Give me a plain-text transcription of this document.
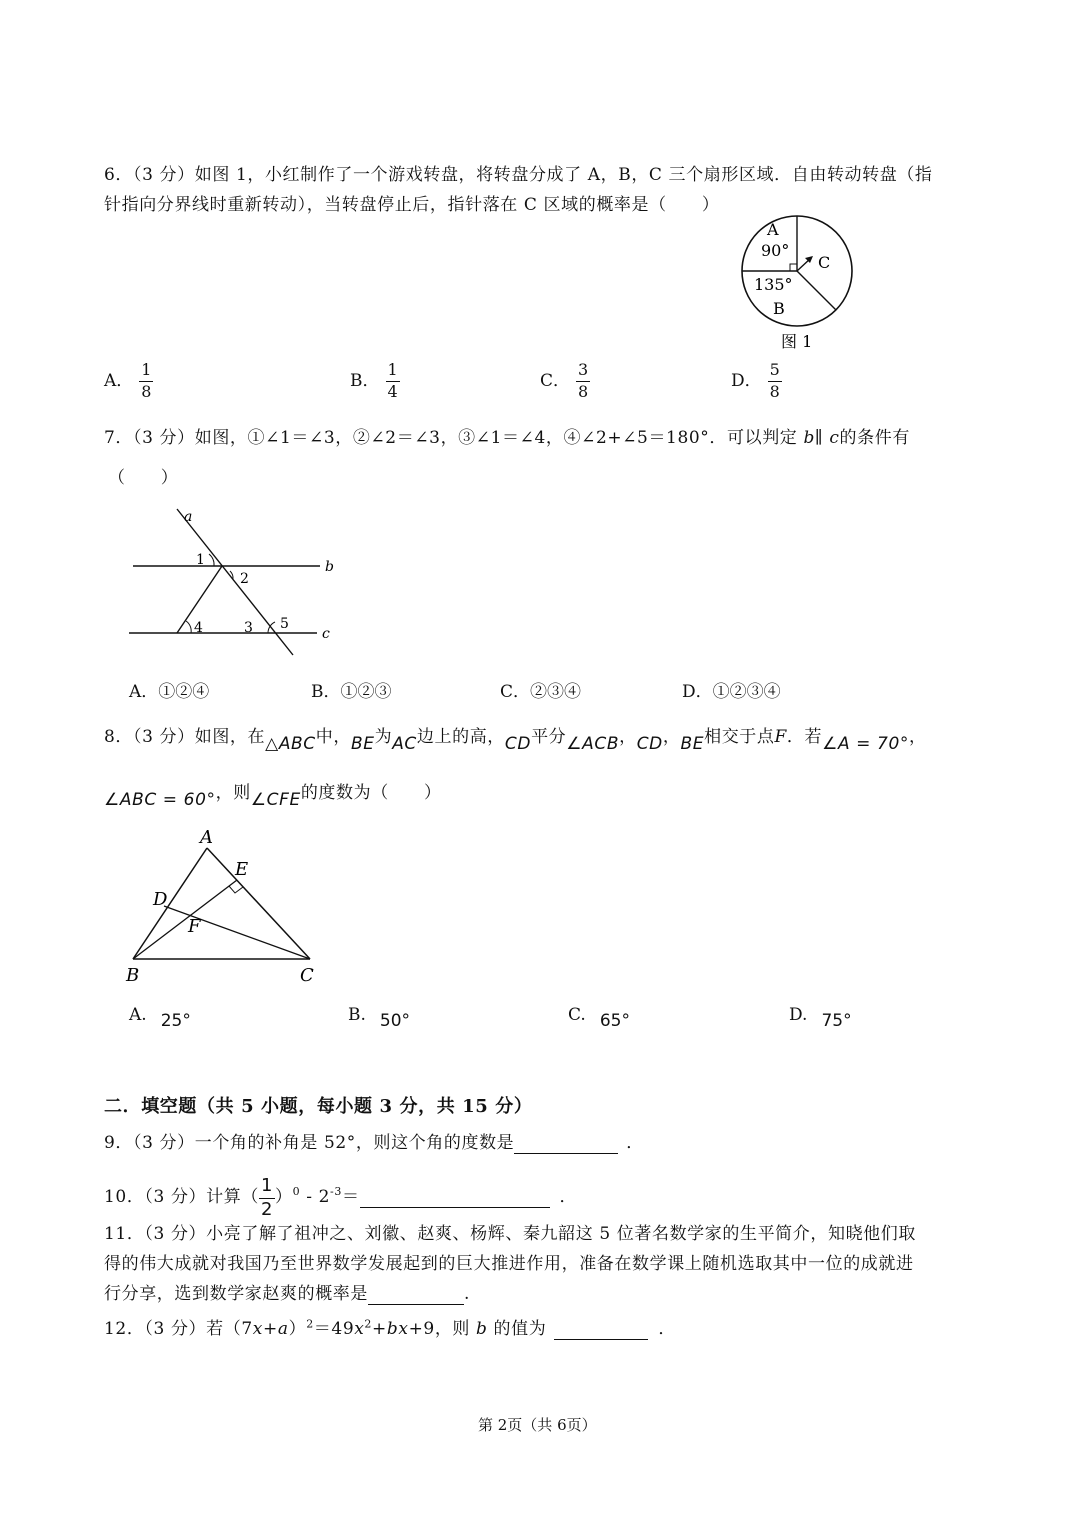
6．（3 分）如图 1，小红制作了一个游戏转盘，将转盘分成了 A，B，C 三个扇形区域．自由转动转盘（指
针指向分界线时重新转动），当转盘停止后，指针落在 C 区域的概率是（　　）
A
90°
C
135°
B
图 1
A． $\frac{1}{8}$	B． $\frac{1}{4}$	C． $\frac{3}{8}$	D． $\frac{5}{8}$
7．（3 分）如图，①∠1＝∠3，②∠2＝∠3，③∠1＝∠4，④∠2+∠5＝180°．可以判定 b∥ c的条件有
（　　）
a
b
c
1
2
3
4	5
A．①②④	B．①②③	C．②③④	D．①②③④
8．（3 分）如图，在△ABC中，BE为AC边上的高，CD平分∠ACB，CD，BE相交于点F．若∠A = 70°，
∠ABC = 60°，则∠CFE的度数为（　　）
A
E
D
F
B	C
A. 25°	B. 50°	C. 65°	D. 75°
二．填空题（共 5 小题，每小题 3 分，共 15 分）
9．（3 分）一个角的补角是 52°，则这个角的度数是	．
10．（3 分）计算（ $\frac{1}{2} )^0 - 2^{-3}=$	．
11．（3 分）小亮了解了祖冲之、刘徽、赵爽、杨辉、秦九韶这 5 位著名数学家的生平简介，知晓他们取
得的伟大成就对我国乃至世界数学发展起到的巨大推进作用，准备在数学课上随机选取其中一位的成就进
行分享，选到数学家赵爽的概率是	.
12．（3 分）若$(7x+a)^2=49x^2+bx+9$，则 b 的值为	．
第 2页（共 6页）
